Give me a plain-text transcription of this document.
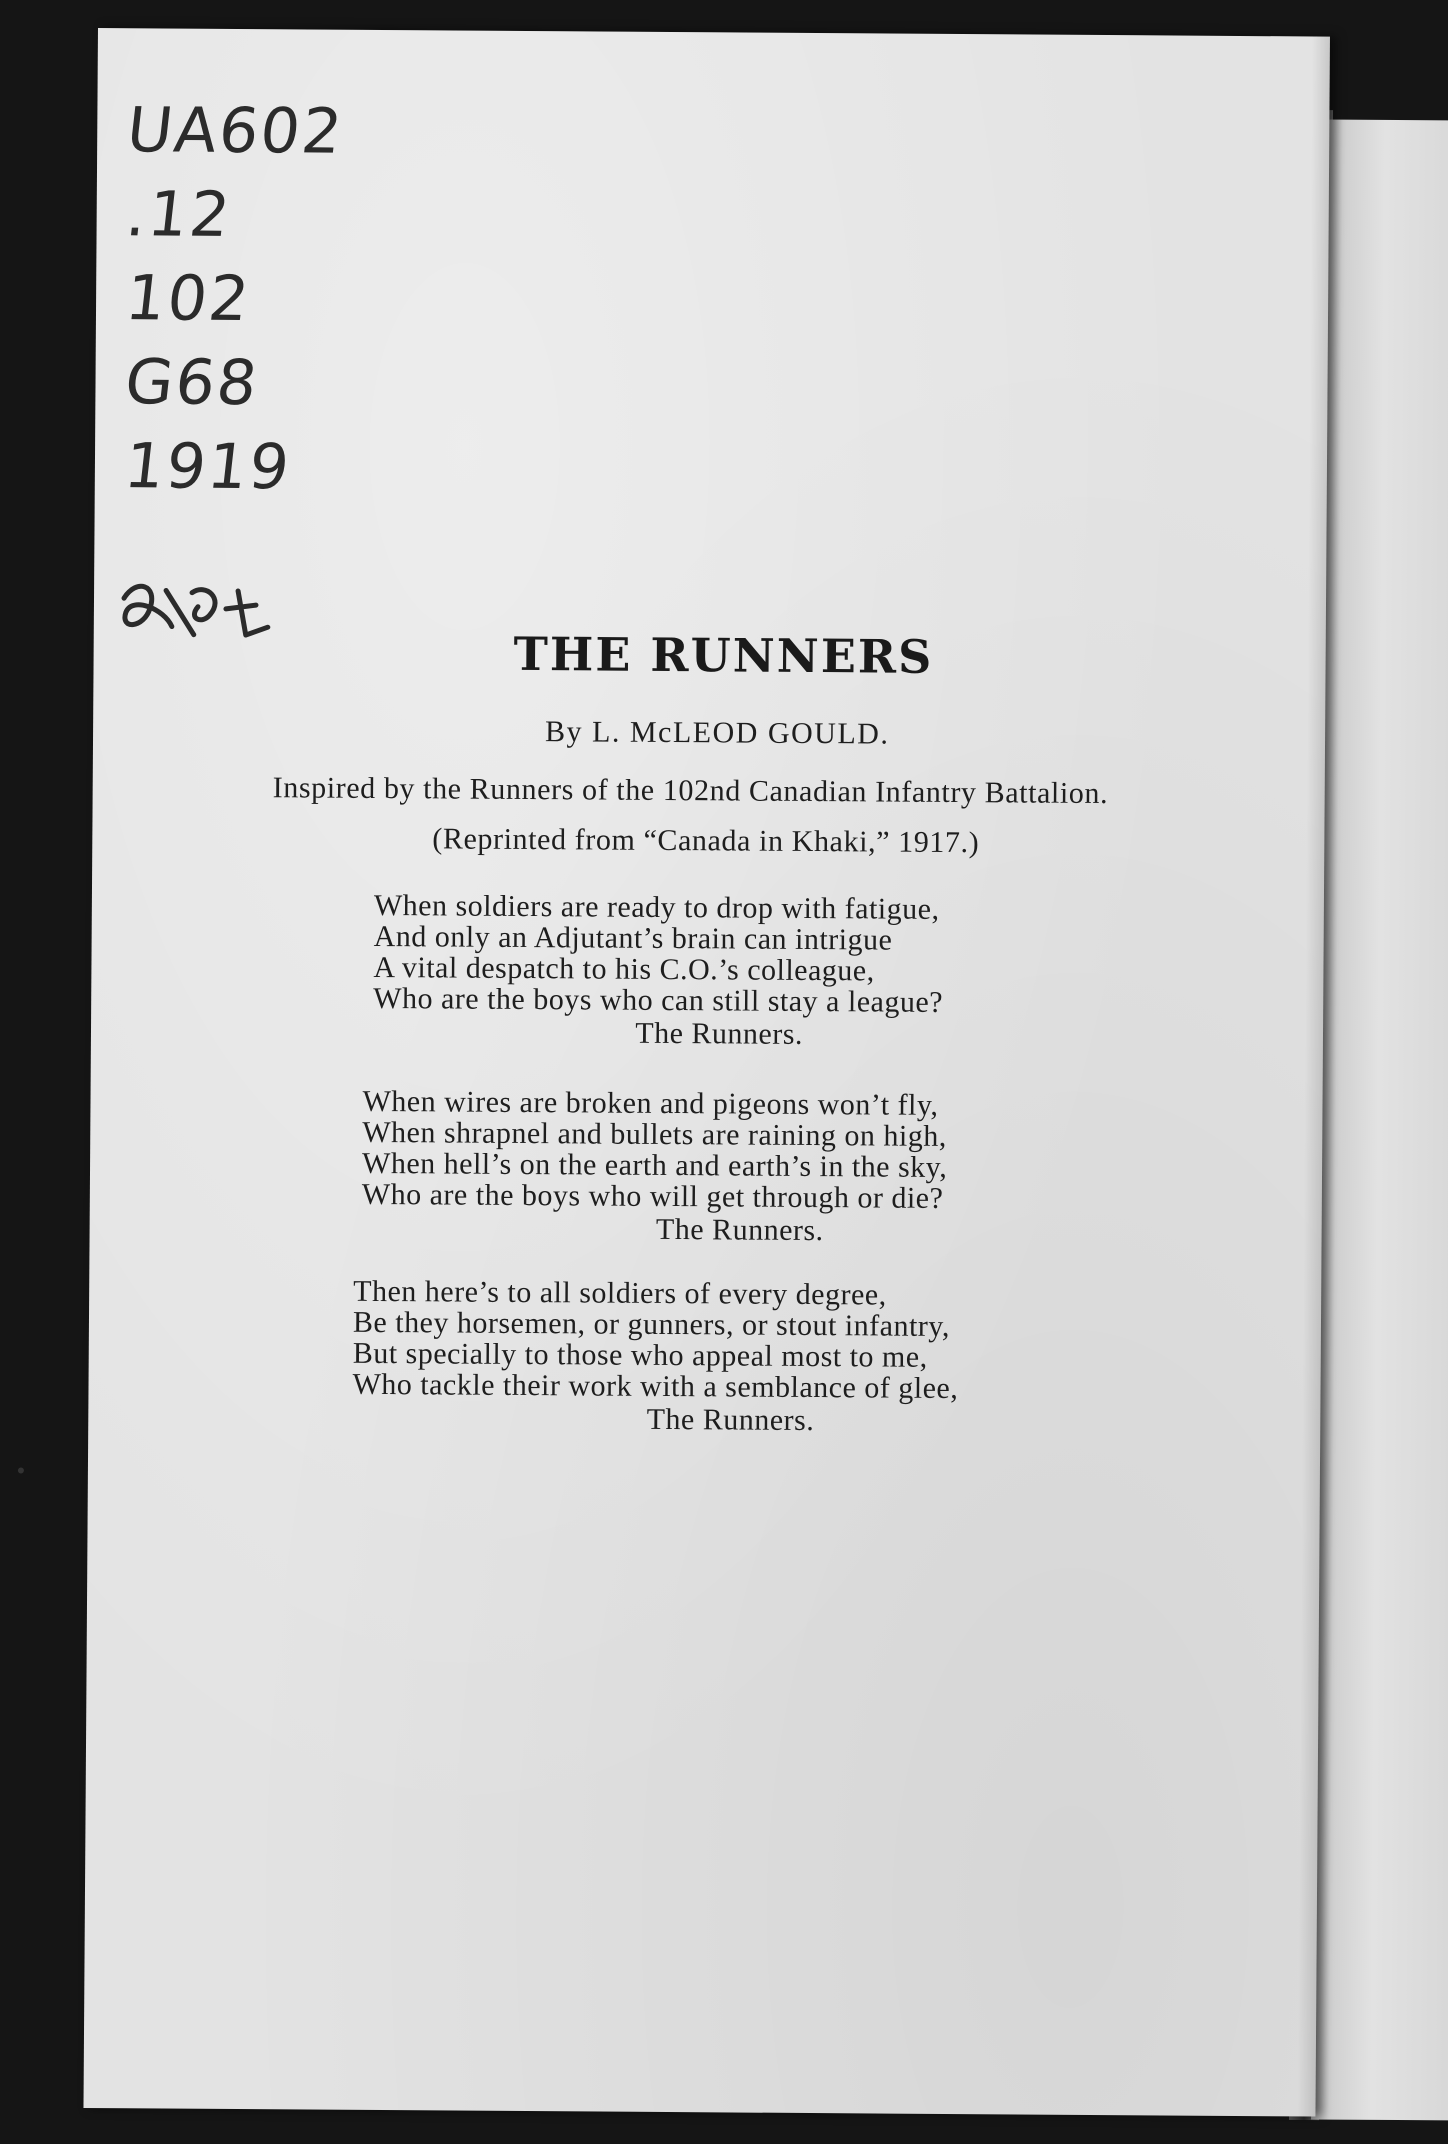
UA602
.12
102
G68
1919
THE RUNNERS
By L. McLEOD GOULD.
Inspired by the Runners of the 102nd Canadian Infantry Battalion.
(Reprinted from “Canada in Khaki,” 1917.)
When soldiers are ready to drop with fatigue,
And only an Adjutant’s brain can intrigue
A vital despatch to his C.O.’s colleague,
Who are the boys who can still stay a league?
The Runners.
When wires are broken and pigeons won’t fly,
When shrapnel and bullets are raining on high,
When hell’s on the earth and earth’s in the sky,
Who are the boys who will get through or die?
The Runners.
Then here’s to all soldiers of every degree,
Be they horsemen, or gunners, or stout infantry,
But specially to those who appeal most to me,
Who tackle their work with a semblance of glee,
The Runners.
